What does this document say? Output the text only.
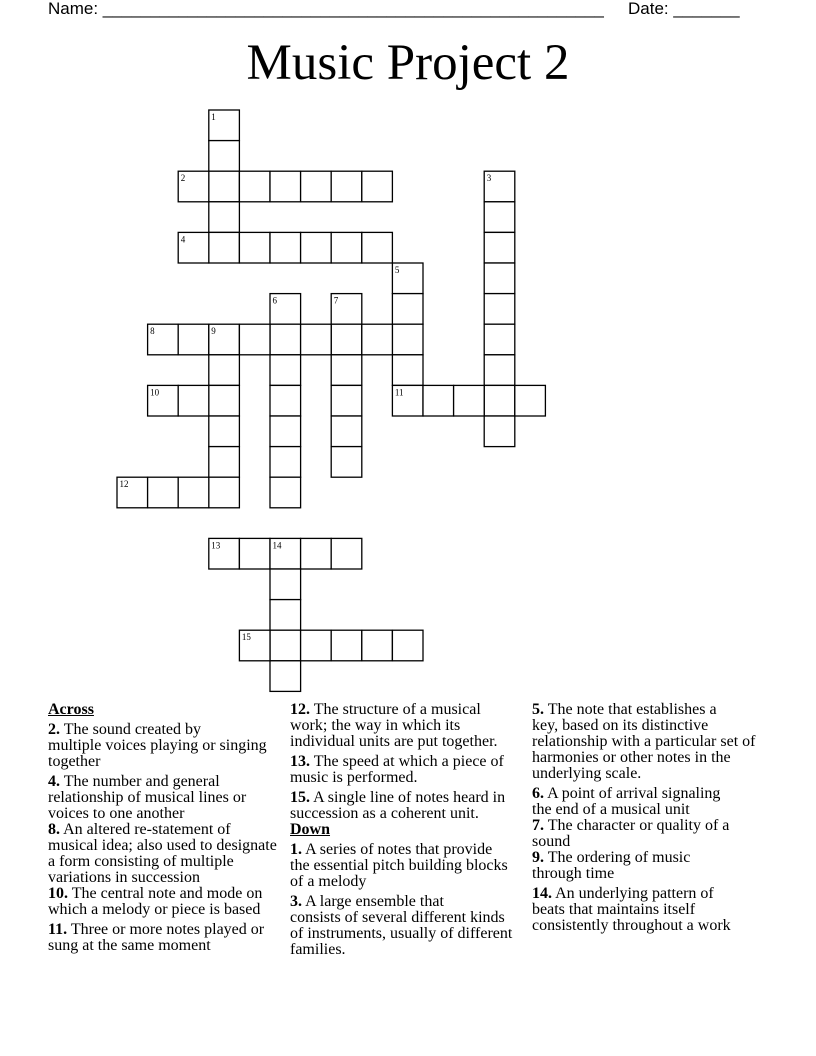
Name: _____________________________________________________ Date: _______
Music Project 2
1
2	3
4
5
6	7
8	9
10	11
12
13	14
15
Across
2 . The sound created by
multiple voices playing or singing
together
4 . The number and general
relationship of musical lines or
voices to one another
8 . An altered re-statement of
musical idea; also used to designate
a form consisting of multiple
variations in succession
10 . The central note and mode on
which a melody or piece is based
11 . Three or more notes played or
sung at the same moment
12 . The structure of a musical
work; the way in which its
individual units are put together.
13 . The speed at which a piece of
music is performed.
15 . A single line of notes heard in
succession as a coherent unit.
Down
1 . A series of notes that provide
the essential pitch building blocks
of a melody
3 . A large ensemble that
consists of several different kinds
of instruments, usually of different
families.
5 . The note that establishes a
key, based on its distinctive
relationship with a particular set of
harmonies or other notes in the
underlying scale.
6 . A point of arrival signaling
the end of a musical unit
7 . The character or quality of a
sound
9 . The ordering of music
through time
14 . An underlying pattern of
beats that maintains itself
consistently throughout a work
